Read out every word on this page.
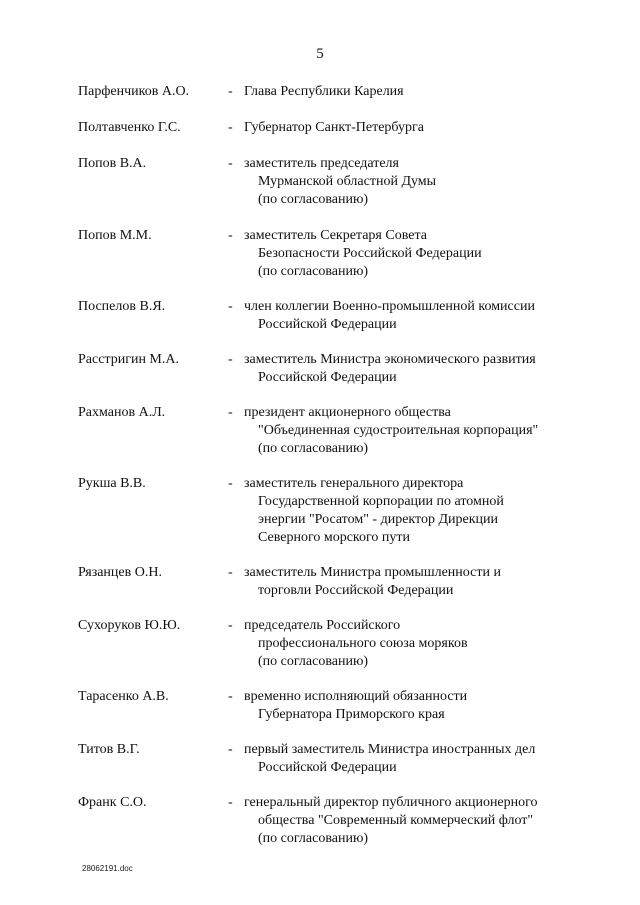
5
Парфенчиков А.О.	- Глава Республики Карелия
Полтавченко Г.С.	- Губернатор Санкт-Петербурга
Попов В.А.	- заместитель председателя
Мурманской областной Думы
(по согласованию)
Попов М.М.	- заместитель Секретаря Совета
Безопасности Российской Федерации
(по согласованию)
Поспелов В.Я.	- член коллегии Военно-промышленной комиссии
Российской Федерации
Расстригин М.А.	- заместитель Министра экономического развития
Российской Федерации
Рахманов А.Л.	- президент акционерного общества
"Объединенная судостроительная корпорация"
(по согласованию)
Рукша В.В.	- заместитель генерального директора
Государственной корпорации по атомной
энергии "Росатом" - директор Дирекции
Северного морского пути
Рязанцев О.Н.	- заместитель Министра промышленности и
торговли Российской Федерации
Сухоруков Ю.Ю.	- председатель Российского
профессионального союза моряков
(по согласованию)
Тарасенко А.В.	- временно исполняющий обязанности
Губернатора Приморского края
Титов В.Г.	- первый заместитель Министра иностранных дел
Российской Федерации
Франк С.О.	- генеральный директор публичного акционерного
общества "Современный коммерческий флот"
(по согласованию)
28062191.doc
